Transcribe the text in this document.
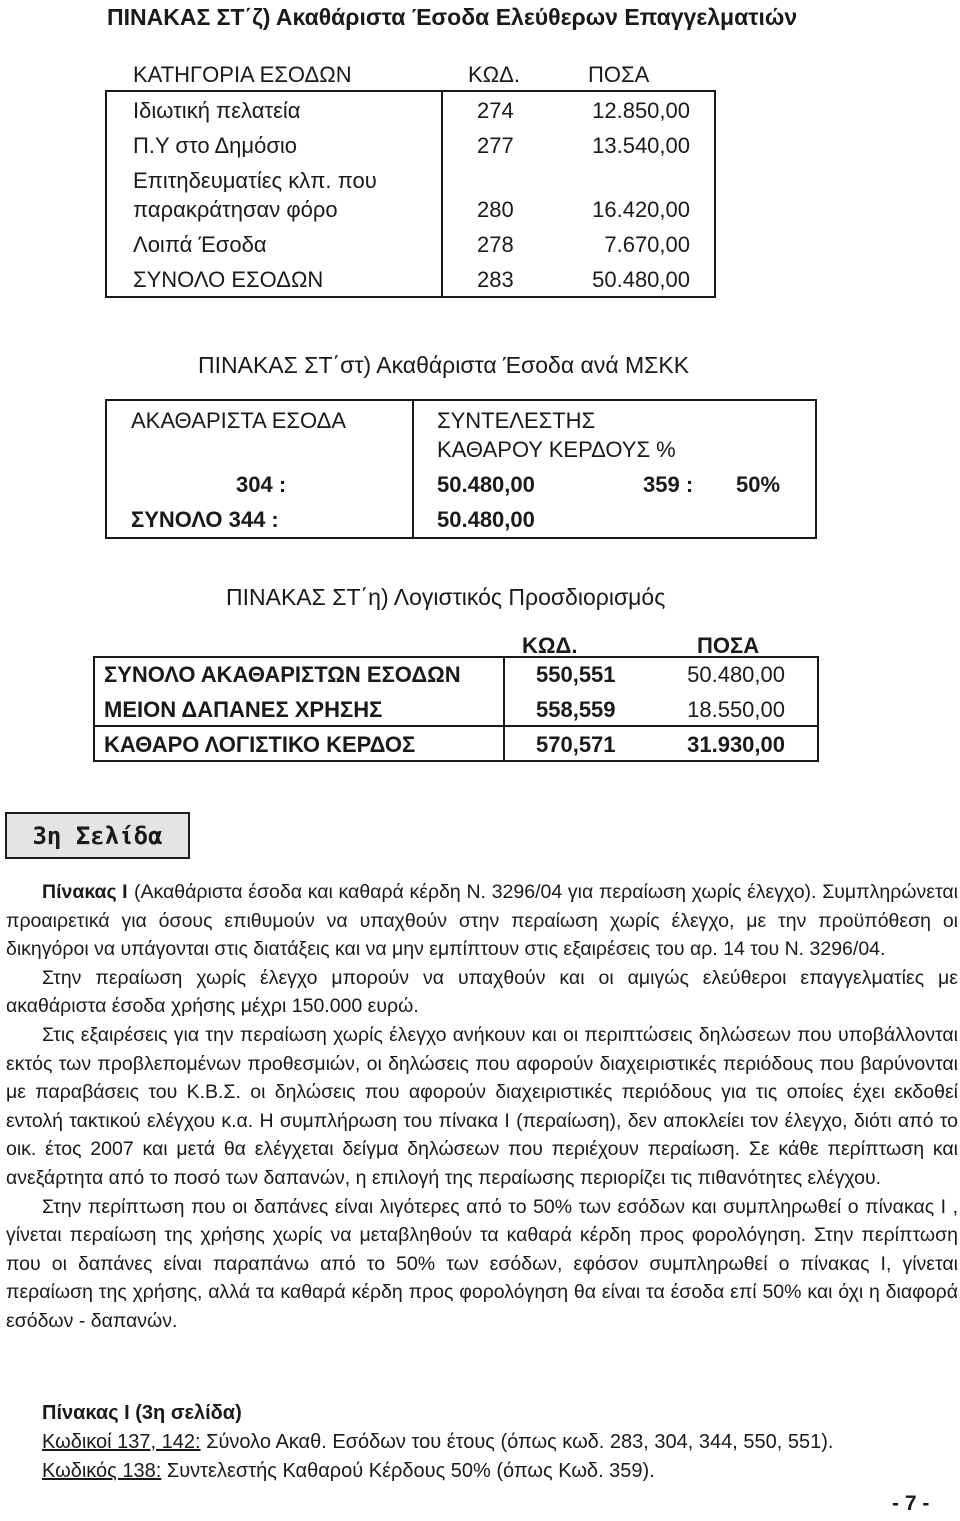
ΠΙΝΑΚΑΣ ΣΤ΄ζ) Ακαθάριστα Έσοδα Ελεύθερων Επαγγελματιών
ΚΑΤΗΓΟΡΙΑ ΕΣΟΔΩΝ	ΚΩΔ.	ΠΟΣΑ
Ιδιωτική πελατεία	274	12.850,00
Π.Υ στο Δημόσιο	277	13.540,00
Επιτηδευματίες κλπ. που
παρακράτησαν φόρο	280	16.420,00
Λοιπά Έσοδα	278	7.670,00
ΣΥΝΟΛΟ ΕΣΟΔΩΝ	283	50.480,00
ΠΙΝΑΚΑΣ ΣΤ΄στ) Ακαθάριστα Έσοδα ανά ΜΣΚΚ
ΑΚΑΘΑΡΙΣΤΑ ΕΣΟΔΑ	ΣΥΝΤΕΛΕΣΤΗΣ
ΚΑΘΑΡΟΥ ΚΕΡΔΟΥΣ %
304 :	50.480,00	359 : 50%
ΣΥΝΟΛΟ 344 :	50.480,00
ΠΙΝΑΚΑΣ ΣΤ΄η) Λογιστικός Προσδιορισμός
ΚΩΔ.	ΠΟΣΑ
ΣΥΝΟΛΟ ΑΚΑΘΑΡΙΣΤΩΝ ΕΣΟΔΩΝ	550,551	50.480,00
ΜΕΙΟΝ ΔΑΠΑΝΕΣ ΧΡΗΣΗΣ	558,559	18.550,00
ΚΑΘΑΡΟ ΛΟΓΙΣΤΙΚΟ ΚΕΡΔΟΣ	570,571	31.930,00
3η Σελίδα

Πίνακας Ι (Ακαθάριστα έσοδα και καθαρά κέρδη Ν. 3296/04 για περαίωση χωρίς έλεγχο). Συμπληρώνεται προαιρετικά για όσους επιθυμούν να υπαχθούν στην περαίωση χωρίς έλεγχο, με την προϋπόθεση οι δικηγόροι να υπάγονται στις διατάξεις και να μην εμπίπτουν στις εξαιρέσεις του αρ. 14 του Ν. 3296/04.

Στην περαίωση χωρίς έλεγχο μπορούν να υπαχθούν και οι αμιγώς ελεύθεροι επαγγελματίες με ακαθάριστα έσοδα χρήσης μέχρι 150.000 ευρώ.

Στις εξαιρέσεις για την περαίωση χωρίς έλεγχο ανήκουν και οι περιπτώσεις δηλώσεων που υποβάλλονται εκτός των προβλεπομένων προθεσμιών, οι δηλώσεις που αφορούν διαχειριστικές περιόδους που βαρύνονται με παραβάσεις του Κ.Β.Σ. οι δηλώσεις που αφορούν διαχειριστικές περιόδους για τις οποίες έχει εκδοθεί εντολή τακτικού ελέγχου κ.α. Η συμπλήρωση του πίνακα Ι (περαίωση), δεν αποκλείει τον έλεγχο, διότι από το οικ. έτος 2007 και μετά θα ελέγχεται δείγμα δηλώσεων που περιέχουν περαίωση. Σε κάθε περίπτωση και ανεξάρτητα από το ποσό των δαπανών, η επιλογή της περαίωσης περιορίζει τις πιθανότητες ελέγχου.

Στην περίπτωση που οι δαπάνες είναι λιγότερες από το 50% των εσόδων και συμπληρωθεί ο πίνακας Ι , γίνεται περαίωση της χρήσης χωρίς να μεταβληθούν τα καθαρά κέρδη προς φορολόγηση. Στην περίπτωση που οι δαπάνες είναι παραπάνω από το 50% των εσόδων, εφόσον συμπληρωθεί ο πίνακας Ι, γίνεται περαίωση της χρήσης, αλλά τα καθαρά κέρδη προς φορολόγηση θα είναι τα έσοδα επί 50% και όχι η διαφορά εσόδων - δαπανών.

Πίνακας Ι (3η σελίδα)
Κωδικοί 137, 142: Σύνολο Ακαθ. Εσόδων του έτους (όπως κωδ. 283, 304, 344, 550, 551).
Κωδικός 138: Συντελεστής Καθαρού Κέρδους 50% (όπως Κωδ. 359).
- 7 -
